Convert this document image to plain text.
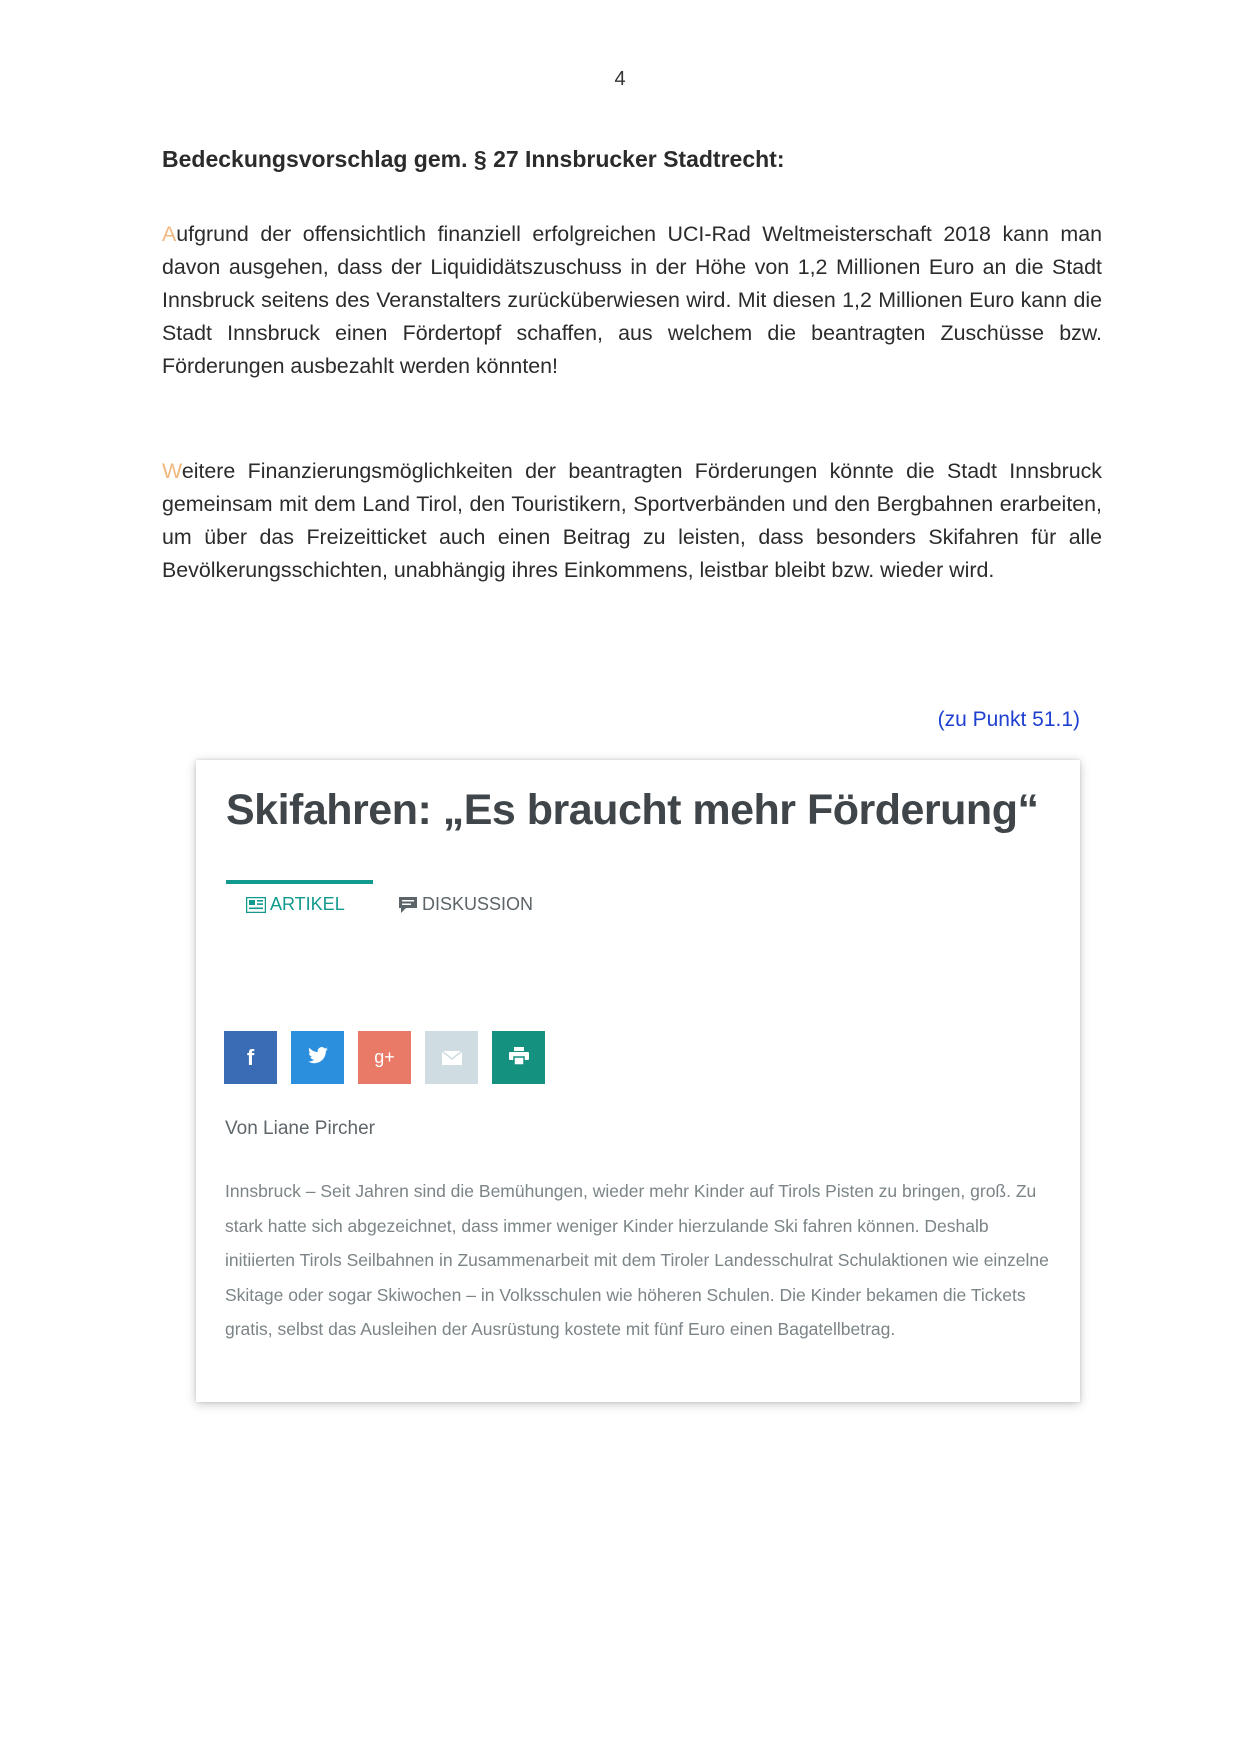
4
Bedeckungsvorschlag gem. § 27 Innsbrucker Stadtrecht:

Aufgrund der offensichtlich finanziell erfolgreichen UCI-Rad Weltmeisterschaft 2018 kann man davon ausgehen, dass der Liquididätszuschuss in der Höhe von 1,2 Millionen Euro an die Stadt Innsbruck seitens des Veranstalters zurücküberwiesen wird. Mit diesen 1,2 Millionen Euro kann die Stadt Innsbruck einen Fördertopf schaffen, aus welchem die beantragten Zuschüsse bzw. Förderungen ausbezahlt werden könnten!

Weitere Finanzierungsmöglichkeiten der beantragten Förderungen könnte die Stadt Innsbruck gemeinsam mit dem Land Tirol, den Touristikern, Sportverbänden und den Bergbahnen erarbeiten, um über das Freizeitticket auch einen Beitrag zu leisten, dass besonders Skifahren für alle Bevölkerungsschichten, unabhängig ihres Einkommens, leistbar bleibt bzw. wieder wird.

(zu Punkt 51.1)
Skifahren: „Es braucht mehr Förderung“
ARTIKEL	DISKUSSION
f	g+
Von Liane Pircher

Innsbruck – Seit Jahren sind die Bemühungen, wieder mehr Kinder auf Tirols Pisten zu bringen, groß. Zu stark hatte sich abgezeichnet, dass immer weniger Kinder hierzulande Ski fahren können. Deshalb initiierten Tirols Seilbahnen in Zusammenarbeit mit dem Tiroler Landesschulrat Schulaktionen wie einzelne Skitage oder sogar Skiwochen – in Volksschulen wie höheren Schulen. Die Kinder bekamen die Tickets gratis, selbst das Ausleihen der Ausrüstung kostete mit fünf Euro einen Bagatellbetrag.
